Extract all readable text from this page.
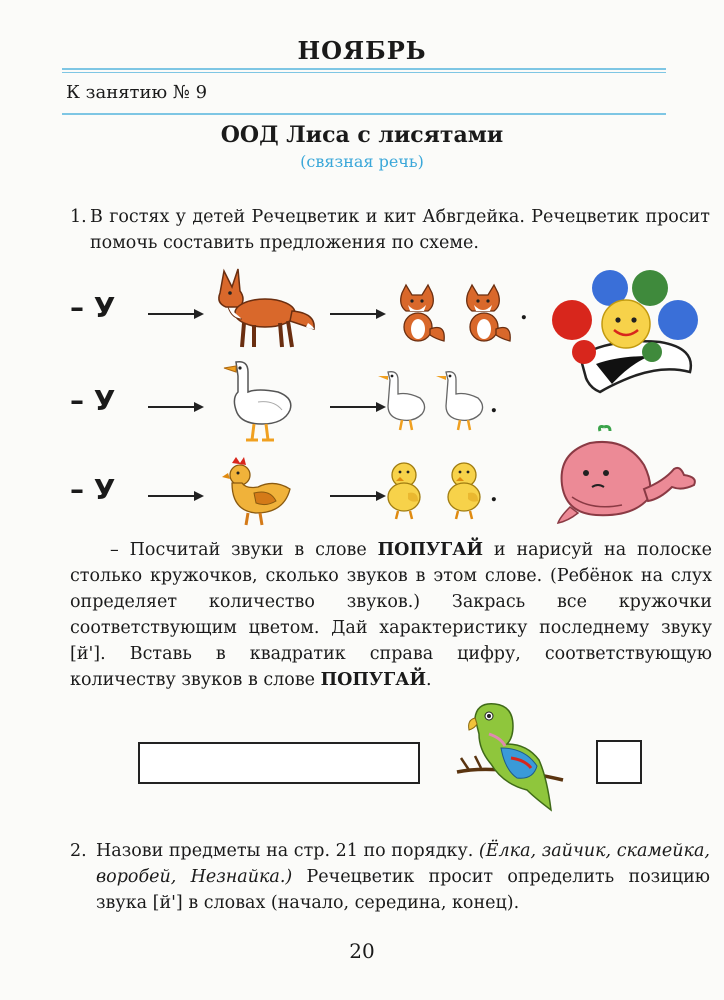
НОЯБРЬ
К занятию № 9
ООД Лиса с лисятами
(связная речь)
1. В гостях у детей Речецветик и кит Абвгдейка. Речецветик просит помочь составить предложения по схеме.
– У	.
– У	.
– У	.
– Посчитай звуки в слове ПОПУГАЙ и нарисуй на полоске столько кружочков, сколько звуков в этом слове. (Ребёнок на слух определяет количество звуков.) Закрась все кружочки соответствующим цветом. Дай характеристику последнему звуку [й']. Вставь в квадратик справа цифру, соответствующую количеству звуков в слове ПОПУГАЙ.
2. Назови предметы на стр. 21 по порядку. (Ёлка, зайчик, скамейка, воробей, Незнайка.) Речецветик просит определить позицию звука [й'] в словах (начало, середина, конец).
20
